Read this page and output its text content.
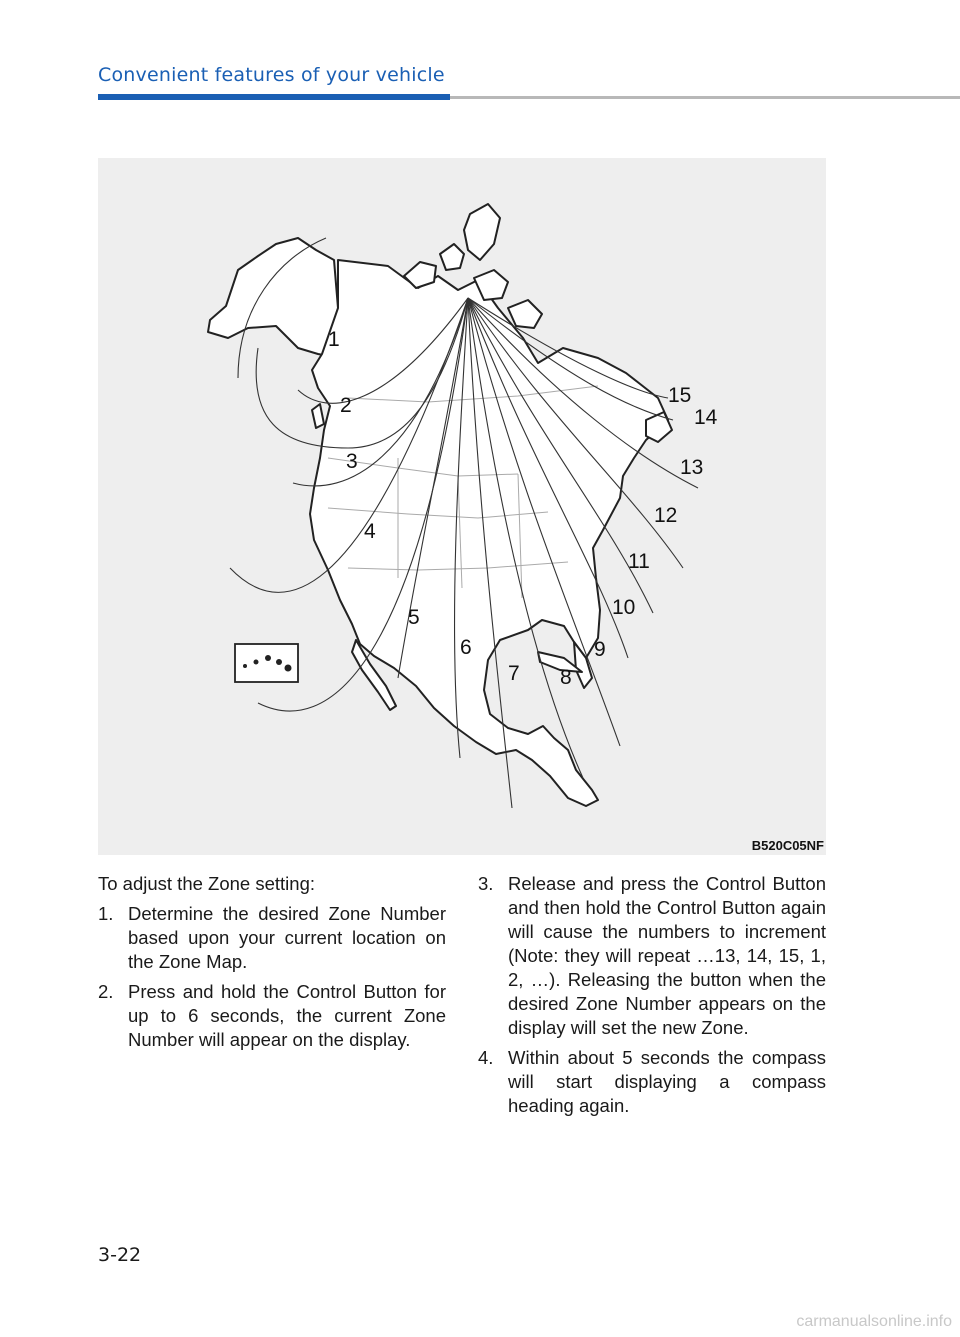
Convenient features of your vehicle
1
2
3
4
5
6
7 8
9
10
11
12
13
14
15
B520C05NF

To adjust the Zone setting:

1. Determine the desired Zone Number based upon your current location on the Zone Map.
2. Press and hold the Control Button for up to 6 seconds, the current Zone Number will appear on the display.
3. Release and press the Control Button and then hold the Control Button again will cause the numbers to increment (Note: they will repeat …13, 14, 15, 1, 2, …). Releasing the button when the desired Zone Number appears on the display will set the new Zone.
4. Within about 5 seconds the compass will start displaying a compass heading again.
3-22
carmanualsonline.info
